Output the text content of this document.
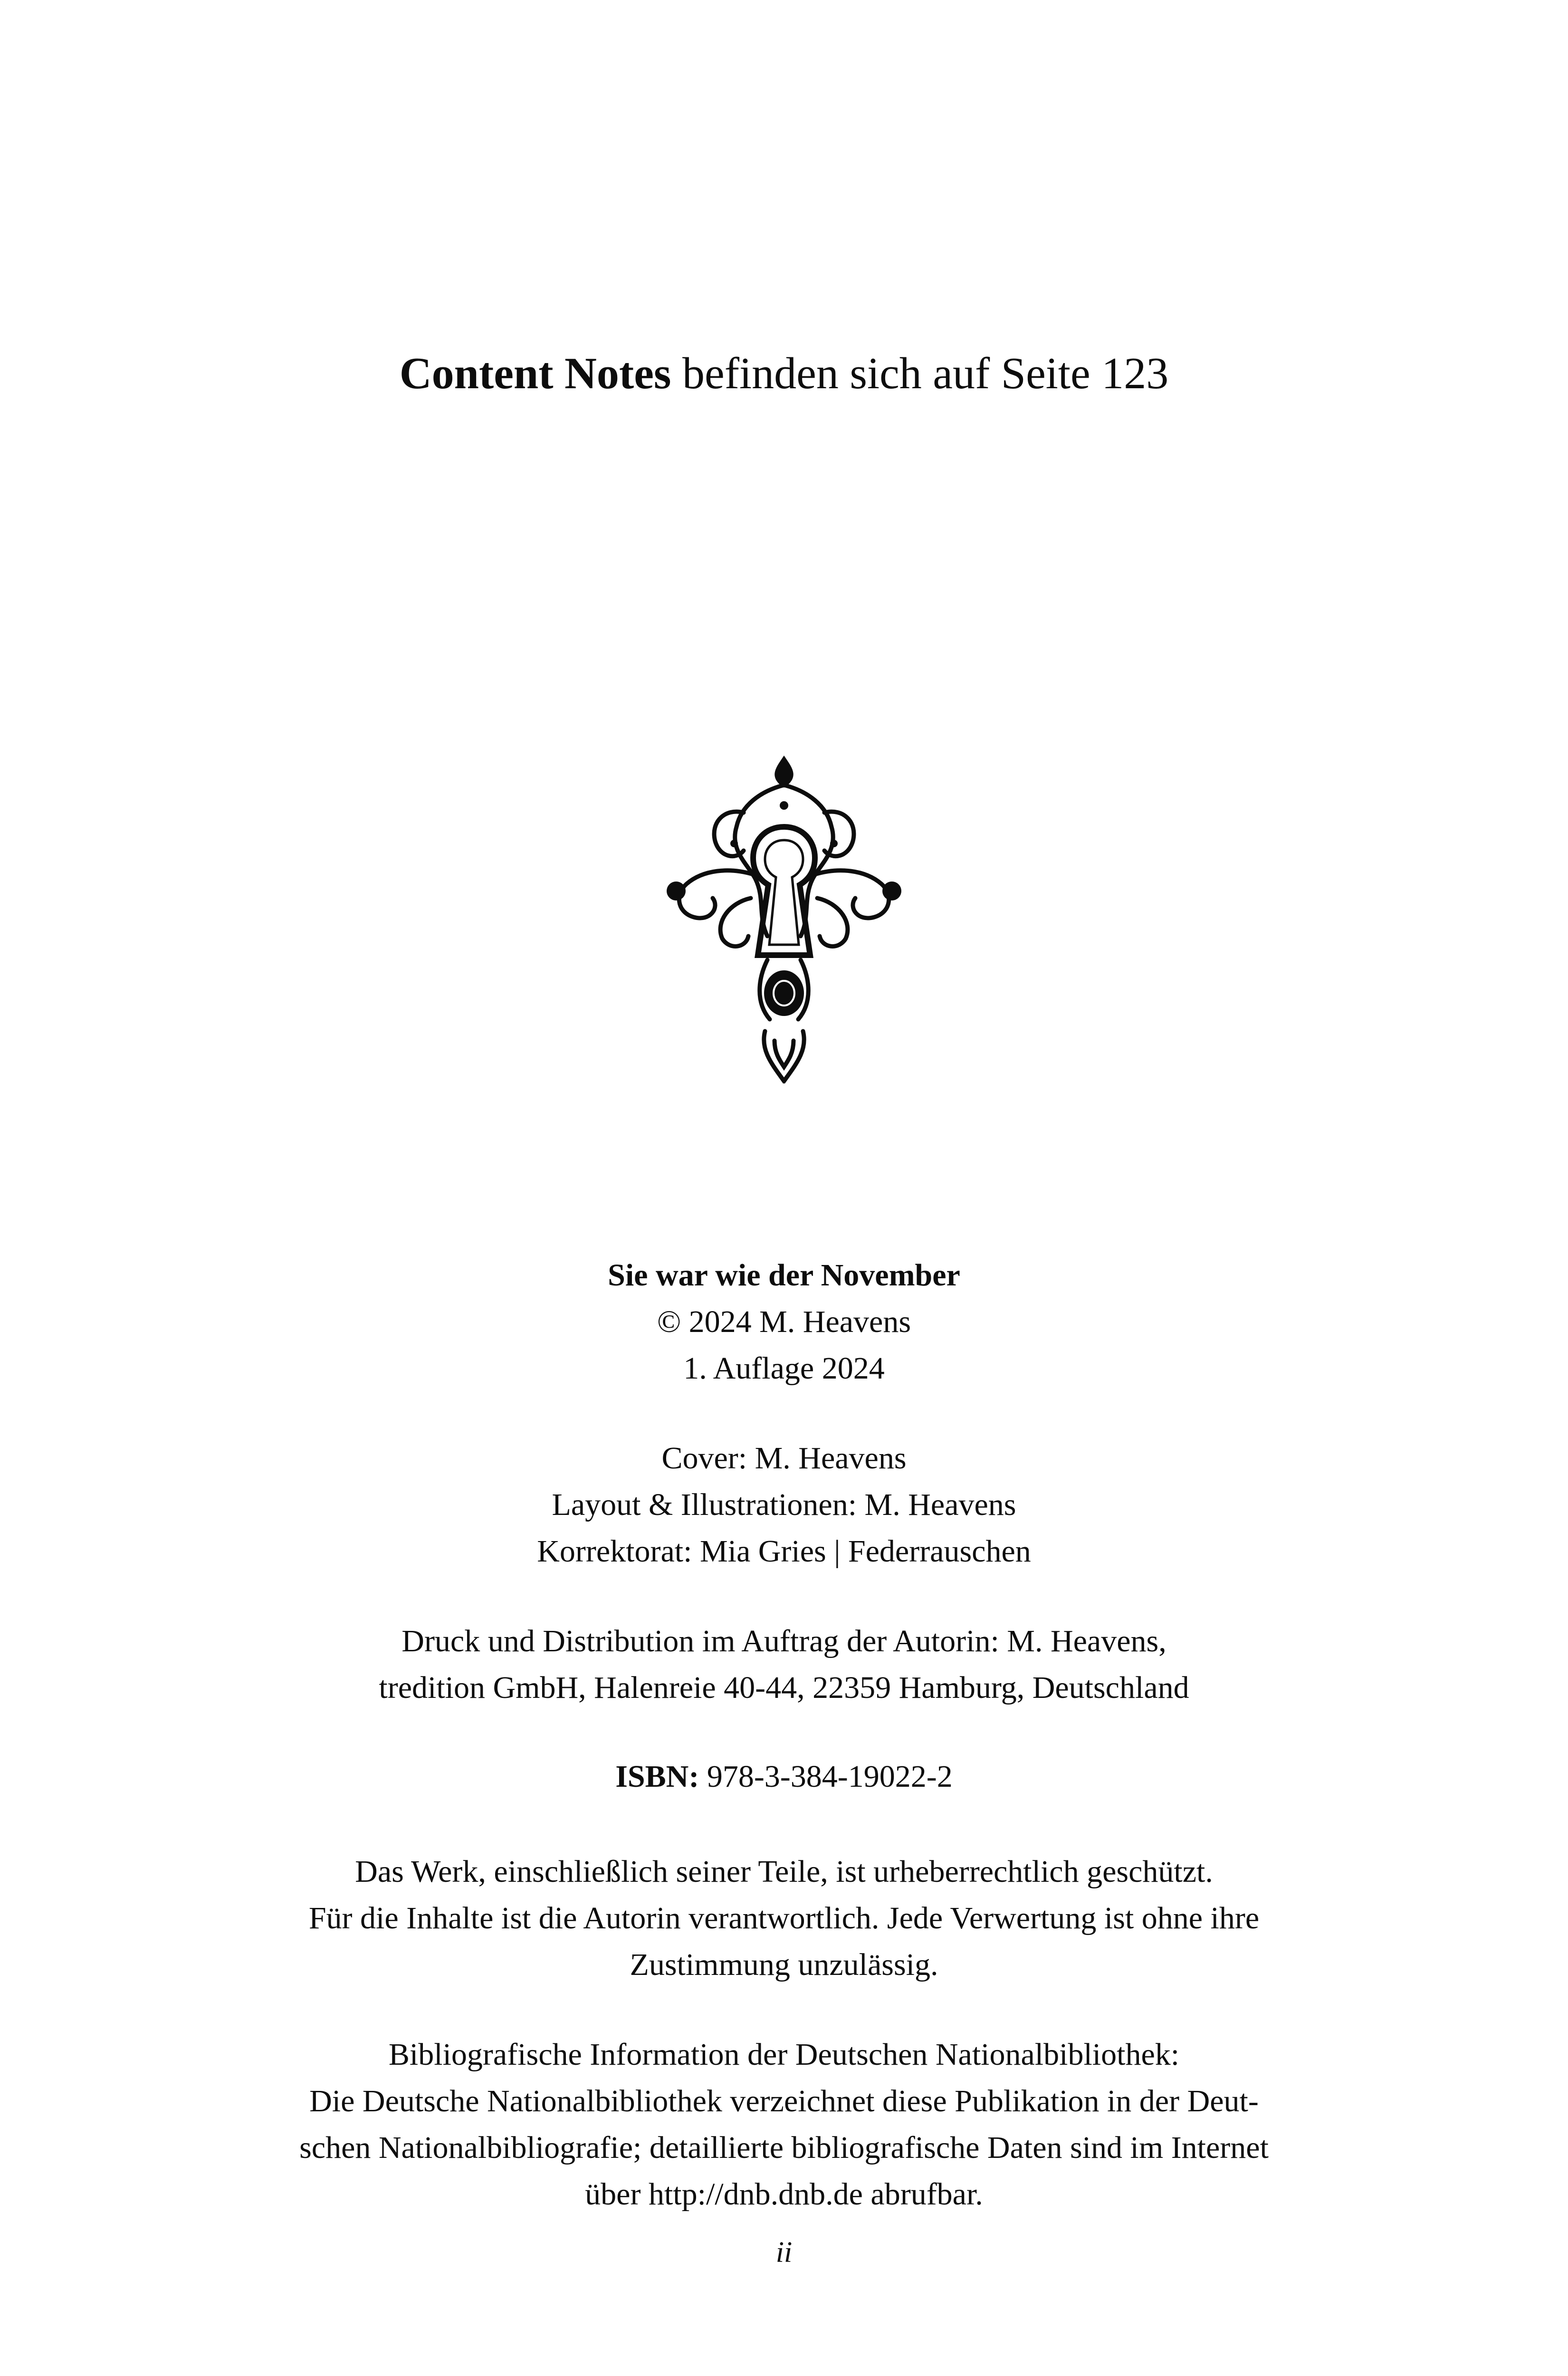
Content Notes befinden sich auf Seite 123

Sie war wie der November

© 2024 M. Heavens

1. Auflage 2024

Cover: M. Heavens

Layout & Illustrationen: M. Heavens

Korrektorat: Mia Gries | Federrauschen

Druck und Distribution im Auftrag der Autorin: M. Heavens,

tredition GmbH, Halenreie 40-44, 22359 Hamburg, Deutschland

ISBN: 978-3-384-19022-2

Das Werk, einschließlich seiner Teile, ist urheberrechtlich geschützt.

Für die Inhalte ist die Autorin verantwortlich. Jede Verwertung ist ohne ihre

Zustimmung unzulässig.

Bibliografische Information der Deutschen Nationalbibliothek:

Die Deutsche Nationalbibliothek verzeichnet diese Publikation in der Deut-

schen Nationalbibliografie; detaillierte bibliografische Daten sind im Internet

über http://dnb.dnb.de abrufbar.

ii
